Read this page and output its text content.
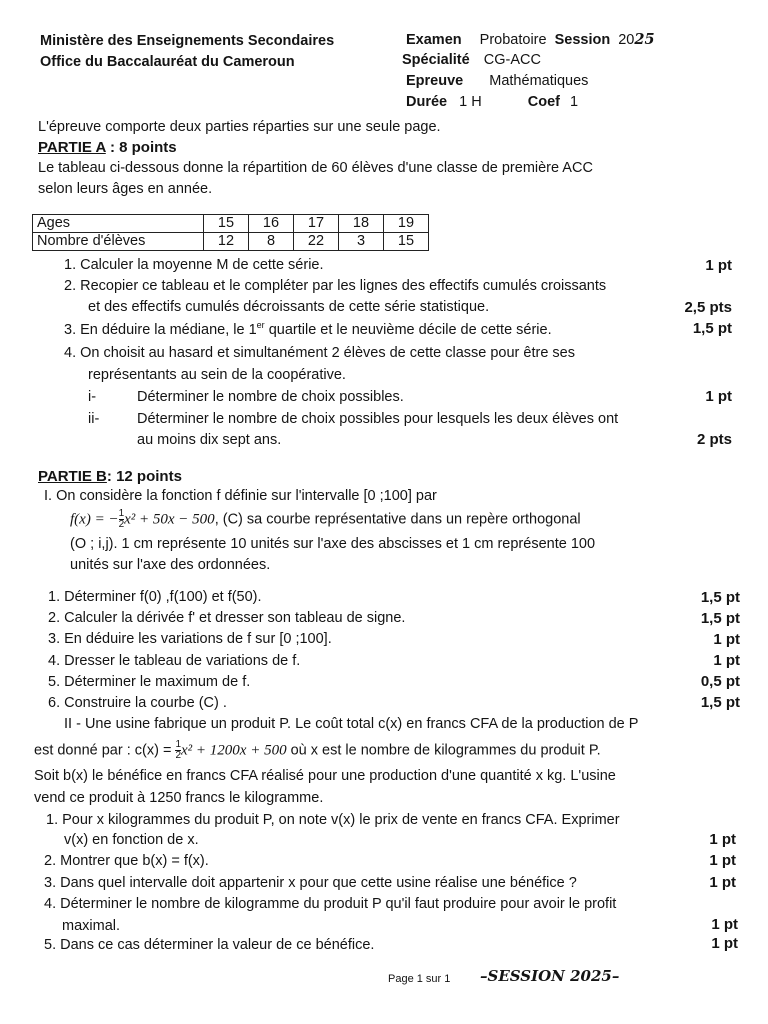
Ministère des Enseignements Secondaires
Office du Baccalauréat du Cameroun
Examen Probatoire Session 2025
Spécialité CG-ACC
Epreuve Mathématiques
Durée 1 H	Coef 1
L'épreuve comporte deux parties réparties sur une seule page.
PARTIE A : 8 points
Le tableau ci-dessous donne la répartition de 60 élèves d'une classe de première ACC
selon leurs âges en année.
Ages	15	16	17	18	19
Nombre d'élèves	12	8	22	3	15
1. Calculer la moyenne M de cette série.	1 pt
2. Recopier ce tableau et le compléter par les lignes des effectifs cumulés croissants
et des effectifs cumulés décroissants de cette série statistique.	2,5 pts
3. En déduire la médiane, le 1er quartile et le neuvième décile de cette série.	1,5 pt
4. On choisit au hasard et simultanément 2 élèves de cette classe pour être ses
représentants au sein de la coopérative.
i-	Déterminer le nombre de choix possibles.	1 pt
ii-	Déterminer le nombre de choix possibles pour lesquels les deux élèves ont
au moins dix sept ans.	2 pts
PARTIE B: 12 points
I. On considère la fonction f définie sur l'intervalle [0 ;100] par
f(x) = − $\frac{1}{2} x^2 + 50x - 500$, (C) sa courbe représentative dans un repère orthogonal
(O ; i,j). 1 cm représente 10 unités sur l'axe des abscisses et 1 cm représente 100
unités sur l'axe des ordonnées.
1. Déterminer f(0) ,f(100) et f(50).	1,5 pt
2. Calculer la dérivée f' et dresser son tableau de signe.	1,5 pt
3. En déduire les variations de f sur [0 ;100].	1 pt
4. Dresser le tableau de variations de f.	1 pt
5. Déterminer le maximum de f.	0,5 pt
6. Construire la courbe (C) .	1,5 pt
II - Une usine fabrique un produit P. Le coût total c(x) en francs CFA de la production de P
est donné par : $c(x) = \frac{1}{2} x^2 + 1200x + 500$ où x est le nombre de kilogrammes du produit P.
Soit b(x) le bénéfice en francs CFA réalisé pour une production d'une quantité x kg. L'usine
vend ce produit à 1250 francs le kilogramme.
1. Pour x kilogrammes du produit P, on note v(x) le prix de vente en francs CFA. Exprimer
v(x) en fonction de x.	1 pt
2. Montrer que b(x) = f(x).	1 pt
3. Dans quel intervalle doit appartenir x pour que cette usine réalise une bénéfice ?	1 pt
4. Déterminer le nombre de kilogramme du produit P qu'il faut produire pour avoir le profit
maximal.	1 pt
5. Dans ce cas déterminer la valeur de ce bénéfice.	1 pt
Page 1 sur 1 –SESSION 2025–
